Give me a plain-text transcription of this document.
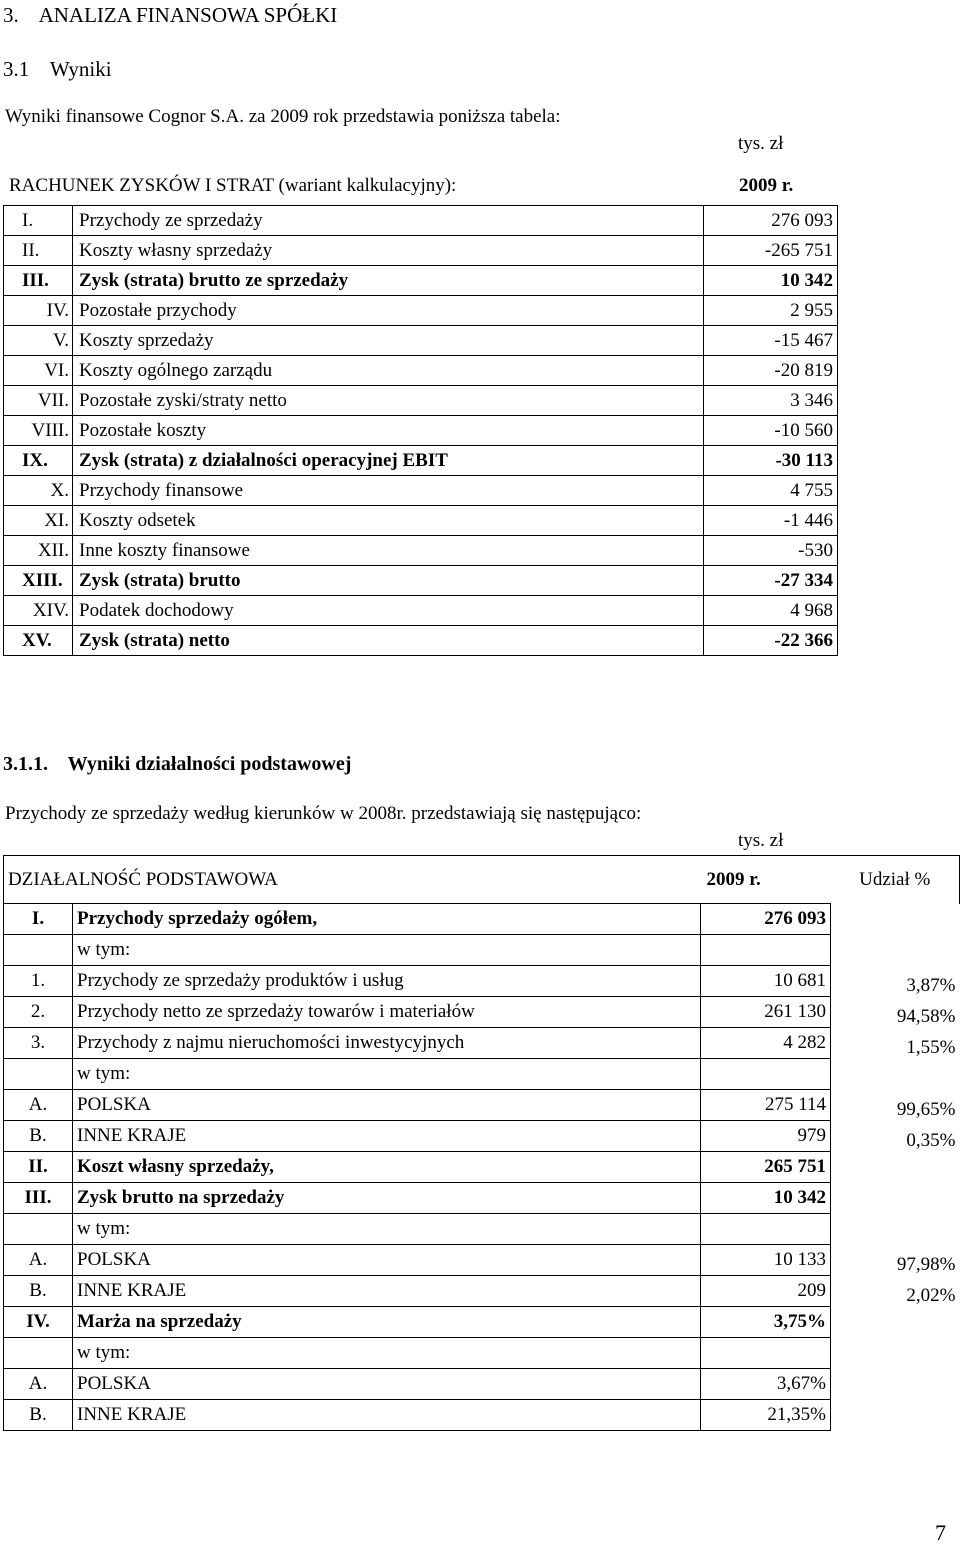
3.    ANALIZA FINANSOWA SPÓŁKI
3.1    Wyniki
Wyniki finansowe Cognor S.A. za 2009 rok przedstawia poniższa tabela:
tys. zł
RACHUNEK ZYSKÓW I STRAT (wariant kalkulacyjny):	2009 r.
I.	Przychody ze sprzedaży	276 093
II.	Koszty własny sprzedaży	-265 751
III.	Zysk (strata) brutto ze sprzedaży	10 342
IV.	Pozostałe przychody	2 955
V.	Koszty sprzedaży	-15 467
VI.	Koszty ogólnego zarządu	-20 819
VII.	Pozostałe zyski/straty netto	3 346
VIII.	Pozostałe koszty	-10 560
IX.	Zysk (strata) z działalności operacyjnej EBIT	-30 113
X.	Przychody finansowe	4 755
XI.	Koszty odsetek	-1 446
XII.	Inne koszty finansowe	-530
XIII.	Zysk (strata) brutto	-27 334
XIV.	Podatek dochodowy	4 968
XV.	Zysk (strata) netto	-22 366
3.1.1.    Wyniki działalności podstawowej
Przychody ze sprzedaży według kierunków w 2008r. przedstawiają się następująco:
tys. zł
DZIAŁALNOŚĆ PODSTAWOWA		2009 r.	Udział %
I.	Przychody sprzedaży ogółem,	276 093	
	w tym:		
1.	Przychody ze sprzedaży produktów i usług	10 681	3,87%
2.	Przychody netto ze sprzedaży towarów i materiałów	261 130	94,58%
3.	Przychody z najmu nieruchomości inwestycyjnych	4 282	1,55%
	w tym:		
A.	POLSKA	275 114	99,65%
B.	INNE KRAJE	979	0,35%
II.	Koszt własny sprzedaży,	265 751	
III.	Zysk brutto na sprzedaży	10 342	
	w tym:		
A.	POLSKA	10 133	97,98%
B.	INNE KRAJE	209	2,02%
IV.	Marża na sprzedaży	3,75%	
	w tym:		
A.	POLSKA	3,67%	
B.	INNE KRAJE	21,35%	
7
